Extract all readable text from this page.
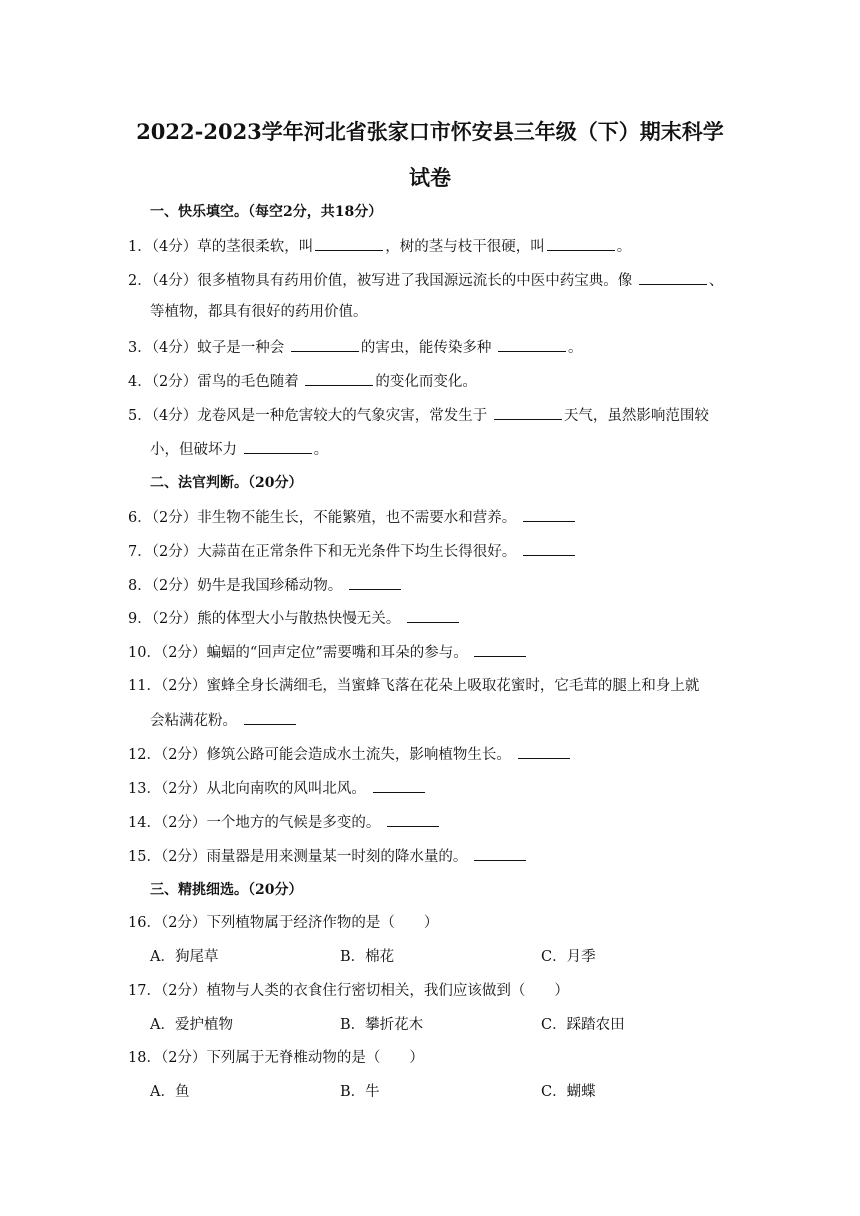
2022-2023学年河北省张家口市怀安县三年级（下）期末科学
试卷
一、快乐填空。（每空2分，共18分）
1．（4分）草的茎很柔软，叫	，树的茎与枝干很硬，叫	。
2．（4分）很多植物具有药用价值，被写进了我国源远流长的中医中药宝典。像	、
等植物，都具有很好的药用价值。
3．（4分）蚊子是一种会	的害虫，能传染多种	。
4．（2分）雷鸟的毛色随着	的变化而变化。
5．（4分）龙卷风是一种危害较大的气象灾害，常发生于	天气，虽然影响范围较
小，但破坏力	。
二、法官判断。（20分）
6．（2分）非生物不能生长，不能繁殖，也不需要水和营养。
7．（2分）大蒜苗在正常条件下和无光条件下均生长得很好。
8．（2分）奶牛是我国珍稀动物。
9．（2分）熊的体型大小与散热快慢无关。
10．（2分）蝙蝠的“回声定位”需要嘴和耳朵的参与。
11．（2分）蜜蜂全身长满细毛，当蜜蜂飞落在花朵上吸取花蜜时，它毛茸的腿上和身上就
会粘满花粉。
12．（2分）修筑公路可能会造成水土流失，影响植物生长。
13．（2分）从北向南吹的风叫北风。
14．（2分）一个地方的气候是多变的。
15．（2分）雨量器是用来测量某一时刻的降水量的。
三、精挑细选。（20分）
16．（2分）下列植物属于经济作物的是（　　）
A．狗尾草	B．棉花	C．月季
17．（2分）植物与人类的衣食住行密切相关，我们应该做到（　　）
A．爱护植物	B．攀折花木	C．踩踏农田
18．（2分）下列属于无脊椎动物的是（　　）
A．鱼	B．牛	C．蝴蝶
